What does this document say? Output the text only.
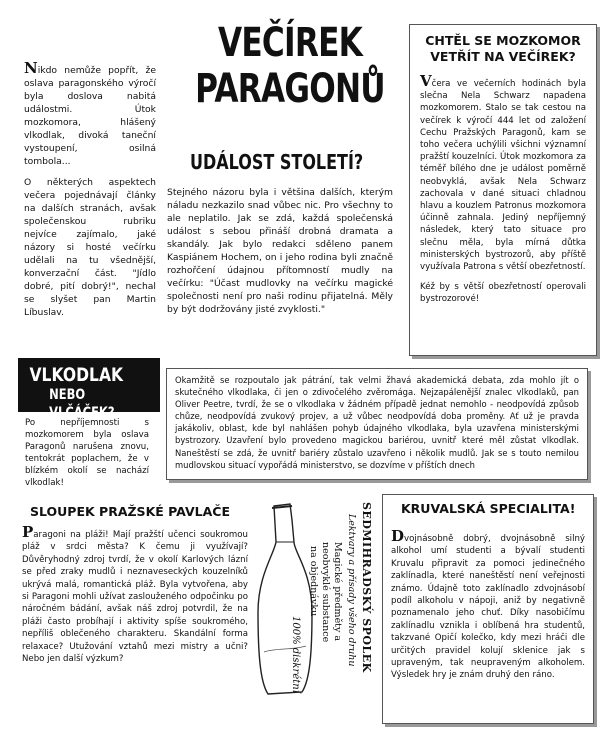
Nikdo nemůže popřít, že oslava paragonského výročí byla doslova nabitá událostmi. Útok mozkomora, hlášený vlkodlak, divoká taneční vystoupení, osilná tombola...

O některých aspektech večera pojednávají články na dalších stranách, avšak společenskou rubriku nejvíce zajímalo, jaké názory si hosté večírku udělali na tu všednější, konverzační část. "Jídlo dobré, pití dobrý!", nechal se slyšet pan Martin Líbuslav.

VEČÍREK
PARAGONŮ
UDÁLOST STOLETÍ?

Stejného názoru byla i většina dalších, kterým náladu nezkazilo snad vůbec nic. Pro všechny to ale neplatilo. Jak se zdá, každá společenská událost s sebou přináší drobná dramata a skandály. Jak bylo redakci sděleno panem Kaspiánem Hochem, on i jeho rodina byli značně rozhořčení údajnou přítomností mudly na večírku: "Účast mudlovky na večírku magické společnosti není pro naši rodinu přijatelná. Měly by být dodržovány jisté zvyklosti."

CHTĚL SE MOZKOMOR
VETŘÍT NA VEČÍREK?

Včera ve večerních hodinách byla slečna Nela Schwarz napadena mozkomorem. Stalo se tak cestou na večírek k výročí 444 let od založení Cechu Pražských Paragonů, kam se toho večera uchýlili všichni významní pražští kouzelníci. Útok mozkomora za téměř bílého dne je událost poměrně neobvyklá, avšak Nela Schwarz zachovala v dané situaci chladnou hlavu a kouzlem Patronus mozkomora účinně zahnala. Jediný nepříjemný následek, který tato situace pro slečnu měla, byla mírná důtka ministerských bystrozorů, aby příště využívala Patrona s větší obezřetností.

Kéž by s větší obezřetností operovali bystrozorové!

VLKODLAK
NEBO VLČÁČEK?
Po nepříjemnosti s mozkomorem byla oslava Paragonů narušena znovu, tentokrát poplachem, že v blízkém okolí se nachází vlkodlak!
Okamžitě se rozpoutalo jak pátrání, tak velmi žhavá akademická debata, zda mohlo jít o skutečného vlkodlaka, či jen o zdivočelého zvěromága. Nejzapálenější znalec vlkodlaků, pan Oliver Peetre, tvrdí, že se o vlkodlaka v žádném případě jednat nemohlo - neodpovídá způsob chůze, neodpovídá zvukový projev, a už vůbec neodpovídá doba proměny. Ať už je pravda jakákoliv, oblast, kde byl nahlášen pohyb údajného vlkodlaka, byla uzavřena ministerskými bystrozory. Uzavření bylo provedeno magickou bariérou, uvnitř které měl zůstat vlkodlak. Naneštěstí se zdá, že uvnitř bariéry zůstalo uzavřeno i několik mudlů. Jak se s touto nemilou mudlovskou situací vypořádá ministerstvo, se dozvíme v příštích dnech
SLOUPEK PRAŽSKÉ PAVLAČE
Paragoni na pláži! Mají pražští učenci soukromou pláž v srdci města? K čemu ji využívají? Důvěryhodný zdroj tvrdí, že v okolí Karlových lázní se před zraky mudlů i neznaveseckých kouzelníků ukrývá malá, romantická pláž. Byla vytvořena, aby si Paragoni mohli užívat zaslouženého odpočinku po náročném bádání, avšak náš zdroj potvrdil, že na pláži často probíhají i aktivity spíše soukromého, nepříliš oblečeného charakteru. Skandální forma relaxace? Utužování vztahů mezi mistry a učni? Nebo jen další výzkum?	SEDMIHRADSKÝ SPOLEK
Lektvary a přísady všeho druhu
Magické předměty a
neobvyklé substance
na objednávku
100% diskrétní
KRUVALSKÁ SPECIALITA!
Dvojnásobně dobrý, dvojnásobně silný alkohol umí studenti a bývalí studenti Kruvalu připravit za pomoci jedinečného zaklínadla, které naneštěstí není veřejnosti známo. Údajně toto zaklínadlo zdvojnásobí podíl alkoholu v nápoji, aniž by negativně poznamenalo jeho chuť. Díky nasobičímu zaklínadlu vznikla i oblíbená hra studentů, takzvané Opičí kolečko, kdy mezi hráči dle určitých pravidel kolují sklenice jak s upraveným, tak neupraveným alkoholem. Výsledek hry je znám druhý den ráno.
